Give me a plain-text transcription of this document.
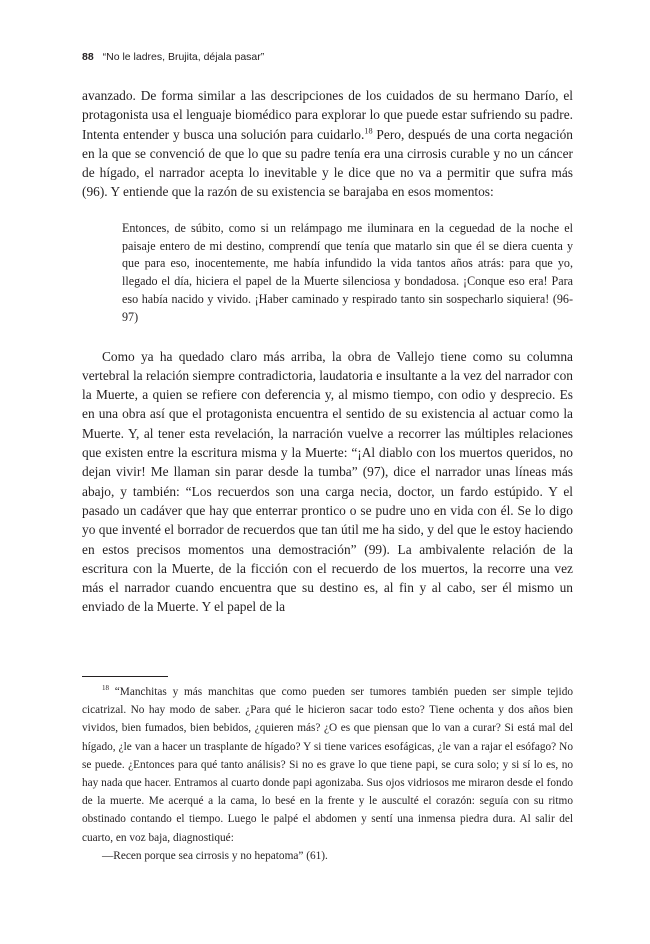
88 “No le ladres, Brujita, déjala pasar”

avanzado. De forma similar a las descripciones de los cuidados de su hermano Darío, el protagonista usa el lenguaje biomédico para explorar lo que puede estar sufriendo su padre. Intenta entender y busca una solución para cuidarlo.$^{18}$ Pero, después de una corta negación en la que se convenció de que lo que su padre tenía era una cirrosis curable y no un cáncer de hígado, el narrador acepta lo inevitable y le dice que no va a permitir que sufra más (96). Y entiende que la razón de su existencia se barajaba en esos momentos:

Entonces, de súbito, como si un relámpago me iluminara en la ceguedad de la noche el paisaje entero de mi destino, comprendí que tenía que matarlo sin que él se diera cuenta y que para eso, inocentemente, me había infundido la vida tantos años atrás: para que yo, llegado el día, hiciera el papel de la Muerte silenciosa y bondadosa. ¡Conque eso era! Para eso había nacido y vivido. ¡Haber caminado y respirado tanto sin sospecharlo siquiera! (96-97)

Como ya ha quedado claro más arriba, la obra de Vallejo tiene como su columna vertebral la relación siempre contradictoria, laudatoria e insultante a la vez del narrador con la Muerte, a quien se refiere con deferencia y, al mismo tiempo, con odio y desprecio. Es en una obra así que el protagonista encuentra el sentido de su existencia al actuar como la Muerte. Y, al tener esta revelación, la narración vuelve a recorrer las múltiples relaciones que existen entre la escritura misma y la Muerte: “¡Al diablo con los muertos queridos, no dejan vivir! Me llaman sin parar desde la tumba” (97), dice el narrador unas líneas más abajo, y también: “Los recuerdos son una carga necia, doctor, un fardo estúpido. Y el pasado un cadáver que hay que enterrar prontico o se pudre uno en vida con él. Se lo digo yo que inventé el borrador de recuerdos que tan útil me ha sido, y del que le estoy haciendo en estos precisos momentos una demostración” (99). La ambivalente relación de la escritura con la Muerte, de la ficción con el recuerdo de los muertos, la recorre una vez más el narrador cuando encuentra que su destino es, al fin y al cabo, ser él mismo un enviado de la Muerte. Y el papel de la

$^{18}$ “Manchitas y más manchitas que como pueden ser tumores también pueden ser simple tejido cicatrizal. No hay modo de saber. ¿Para qué le hicieron sacar todo esto? Tiene ochenta y dos años bien vividos, bien fumados, bien bebidos, ¿quieren más? ¿O es que piensan que lo van a curar? Si está mal del hígado, ¿le van a hacer un trasplante de hígado? Y si tiene varices esofágicas, ¿le van a rajar el esófago? No se puede. ¿Entonces para qué tanto análisis? Si no es grave lo que tiene papi, se cura solo; y si sí lo es, no hay nada que hacer. Entramos al cuarto donde papi agonizaba. Sus ojos vidriosos me miraron desde el fondo de la muerte. Me acerqué a la cama, lo besé en la frente y le ausculté el corazón: seguía con su ritmo obstinado contando el tiempo. Luego le palpé el abdomen y sentí una inmensa piedra dura. Al salir del cuarto, en voz baja, diagnostiqué:

—Recen porque sea cirrosis y no hepatoma” (61).
